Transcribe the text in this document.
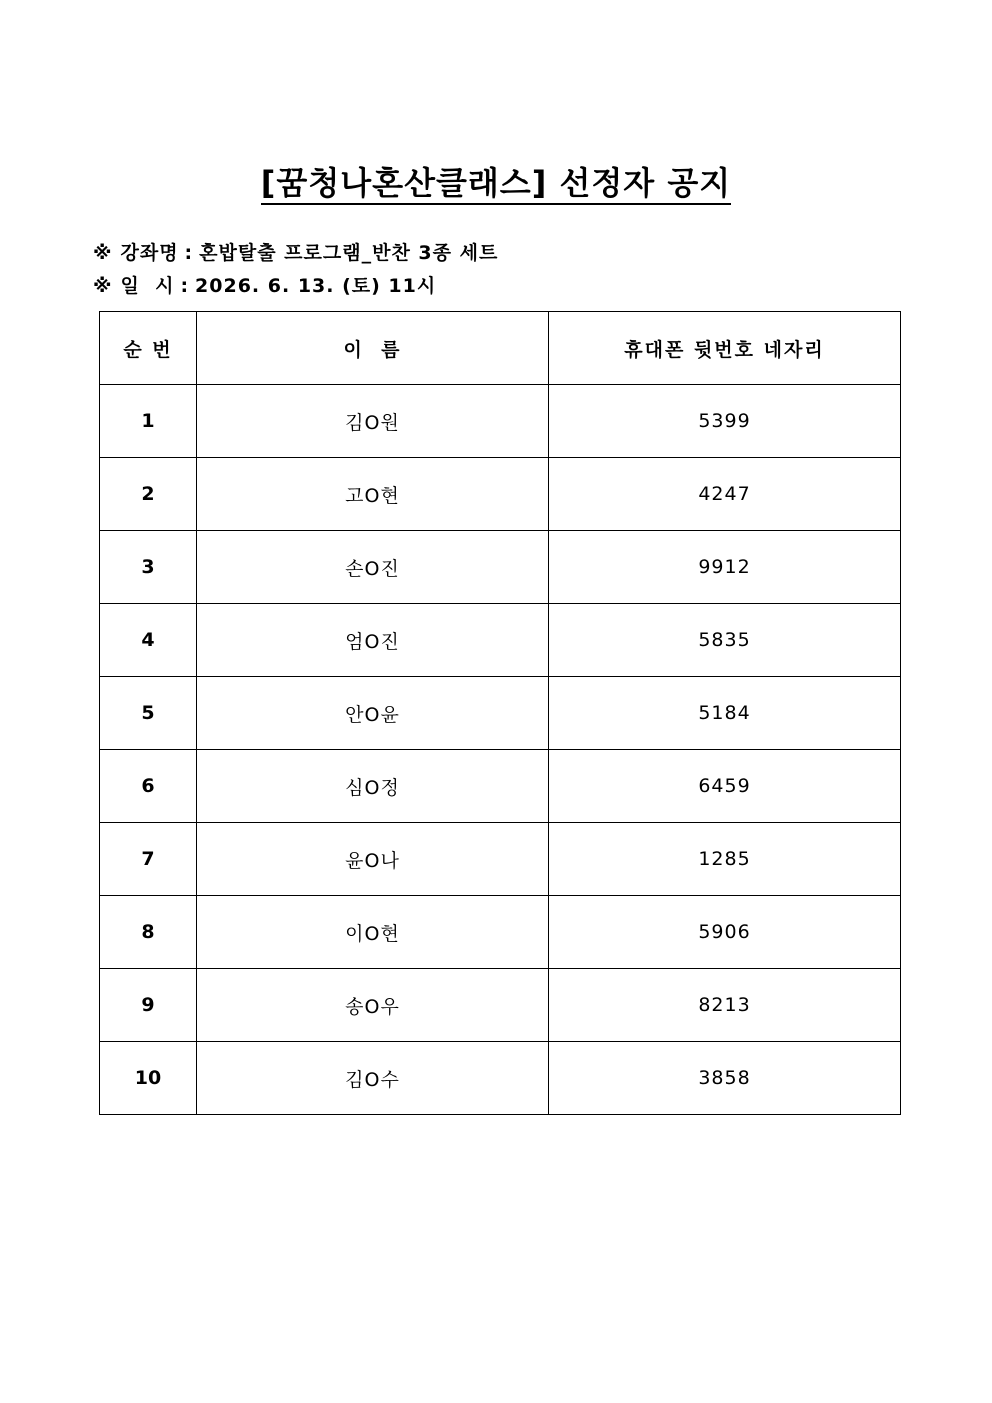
[꿈청나혼산클래스] 선정자 공지
※ 강좌명 : 혼밥탈출 프로그램_반찬 3종 세트
※ 일  시 : 2026. 6. 13. (토) 11시
순 번	이  름	휴대폰 뒷번호 네자리
1	김O원	5399
2	고O현	4247
3	손O진	9912
4	엄O진	5835
5	안O윤	5184
6	심O정	6459
7	윤O나	1285
8	이O현	5906
9	송O우	8213
10	김O수	3858
